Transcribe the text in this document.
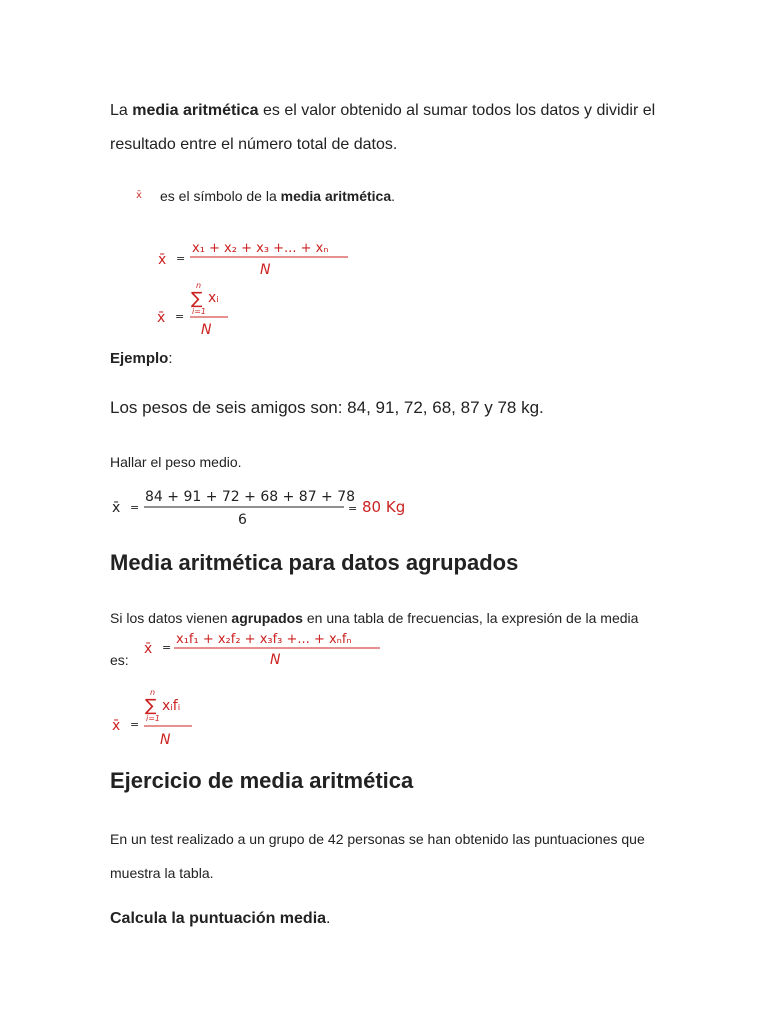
La media aritmética es el valor obtenido al sumar todos los datos y dividir el resultado entre el número total de datos.
x̄ es el símbolo de la media aritmética.
x̄ =
x₁ + x₂ + x₃ +... + xₙ
N
x̄ =
n
∑
i=1
xᵢ
N
Ejemplo:
Los pesos de seis amigos son: 84, 91, 72, 68, 87 y 78 kg.
Hallar el peso medio.
x̄ =
84 + 91 + 72 + 68 + 87 + 78
6
= 80 Kg
Media aritmética para datos agrupados
Si los datos vienen agrupados en una tabla de frecuencias, la expresión de la media
x̄ =
x₁f₁ + x₂f₂ + x₃f₃ +... + xₙfₙ
N
es:
x̄ =
n
∑
i=1
xᵢfᵢ
N
Ejercicio de media aritmética
En un test realizado a un grupo de 42 personas se han obtenido las puntuaciones que muestra la tabla.
Calcula la puntuación media.
